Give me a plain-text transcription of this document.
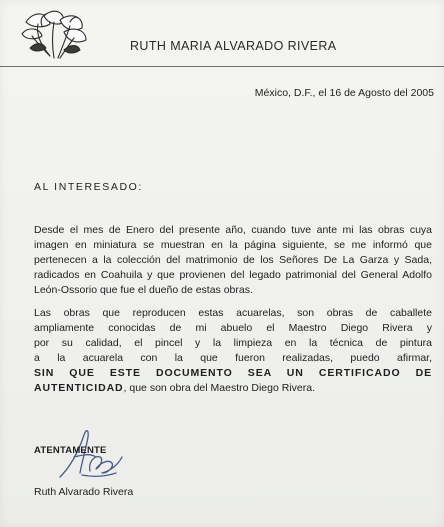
RUTH MARIA ALVARADO RIVERA
México, D.F., el 16 de Agosto del 2005
AL INTERESADO:
Desde el mes de Enero del presente año, cuando tuve ante mi las obras cuya imagen en miniatura se muestran en la página siguiente, se me informó que pertenecen a la colección del matrimonio de los Señores De La Garza y Sada, radicados en Coahuila y que provienen del legado patrimonial del General Adolfo León-Ossorio que fue el dueño de estas obras.
Las obras que reproducen estas acuarelas, son obras de caballete
ampliamente conocidas de mi abuelo el Maestro Diego Rivera y
por su calidad, el pincel y la limpieza en la técnica de pintura
a la acuarela con la que fueron realizadas, puedo afirmar,
SIN QUE ESTE DOCUMENTO SEA UN CERTIFICADO DE
AUTENTICIDAD, que son obra del Maestro Diego Rivera.
ATENTAMENTE
Ruth Alvarado Rivera
